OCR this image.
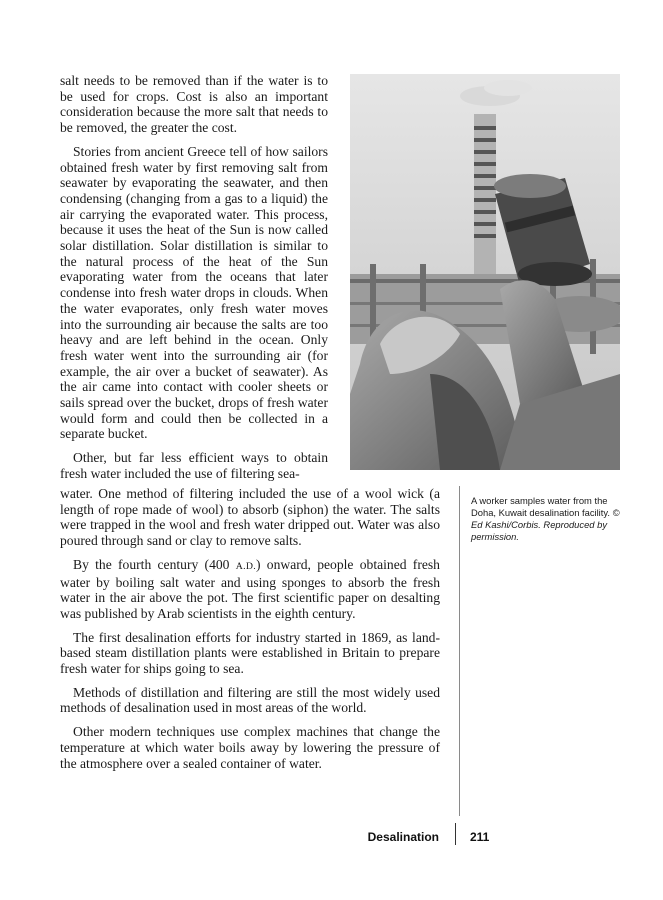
salt needs to be removed than if the water is to be used for crops. Cost is also an important consideration because the more salt that needs to be removed, the greater the cost.

Stories from ancient Greece tell of how sailors obtained fresh water by first removing salt from seawater by evaporating the seawater, and then condensing (changing from a gas to a liquid) the air carrying the evaporated water. This process, because it uses the heat of the Sun is now called solar distillation. Solar distillation is similar to the natural process of the heat of the Sun evaporating water from the oceans that later condense into fresh water drops in clouds. When the water evaporates, only fresh water moves into the surrounding air because the salts are too heavy and are left behind in the ocean. Only fresh water went into the surrounding air (for example, the air over a bucket of seawater). As the air came into contact with cooler sheets or sails spread over the bucket, drops of fresh water would form and could then be collected in a separate bucket.

Other, but far less efficient ways to obtain fresh water included the use of filtering sea-

water. One method of filtering included the use of a wool wick (a length of rope made of wool) to absorb (siphon) the water. The salts were trapped in the wool and fresh water dripped out. Water was also poured through sand or clay to remove salts.

By the fourth century (400 A.D.) onward, people obtained fresh water by boiling salt water and using sponges to absorb the fresh water in the air above the pot. The first scientific paper on desalting was published by Arab scientists in the eighth century.

The first desalination efforts for industry started in 1869, as land-based steam distillation plants were established in Britain to prepare fresh water for ships going to sea.

Methods of distillation and filtering are still the most widely used methods of desalination used in most areas of the world.

Other modern techniques use complex machines that change the temperature at which water boils away by lowering the pressure of the atmosphere over a sealed container of water.

A worker samples water from the Doha, Kuwait desalination facility. © Ed Kashi/Corbis. Reproduced by permission.
Desalination	211
